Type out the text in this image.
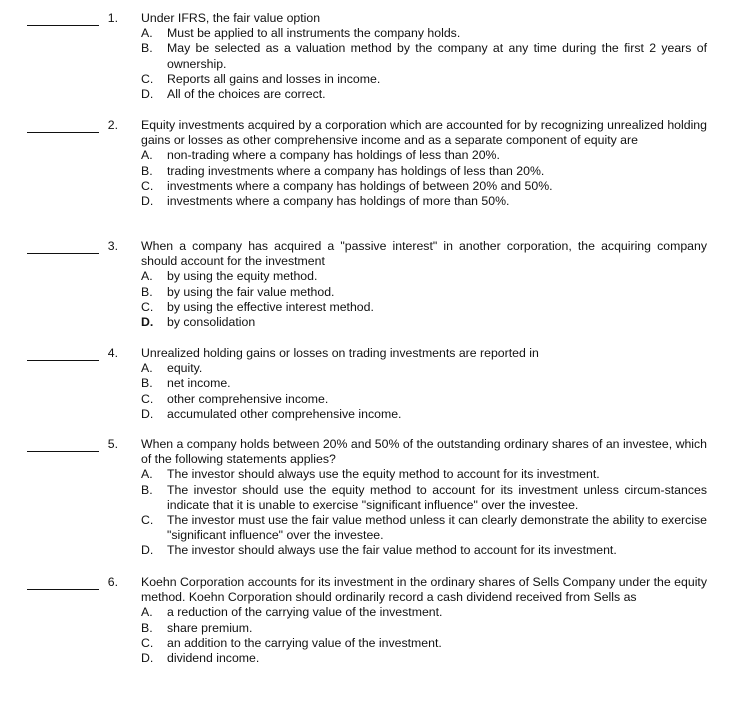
1. Under IFRS, the fair value option
A. Must be applied to all instruments the company holds.
B. May be selected as a valuation method by the company at any time during the first 2 years of ownership.
C. Reports all gains and losses in income.
D. All of the choices are correct.
2. Equity investments acquired by a corporation which are accounted for by recognizing unrealized holding gains or losses as other comprehensive income and as a separate component of equity are
A. non-trading where a company has holdings of less than 20%.
B. trading investments where a company has holdings of less than 20%.
C. investments where a company has holdings of between 20% and 50%.
D. investments where a company has holdings of more than 50%.
3. When a company has acquired a "passive interest" in another corporation, the acquiring company should account for the investment
A. by using the equity method.
B. by using the fair value method.
C. by using the effective interest method.
D. by consolidation
4. Unrealized holding gains or losses on trading investments are reported in
A. equity.
B. net income.
C. other comprehensive income.
D. accumulated other comprehensive income.
5. When a company holds between 20% and 50% of the outstanding ordinary shares of an investee, which of the following statements applies?
A. The investor should always use the equity method to account for its investment.
B. The investor should use the equity method to account for its investment unless circum-stances indicate that it is unable to exercise "significant influence" over the investee.
C. The investor must use the fair value method unless it can clearly demonstrate the ability to exercise "significant influence" over the investee.
D. The investor should always use the fair value method to account for its investment.
6. Koehn Corporation accounts for its investment in the ordinary shares of Sells Company under the equity method. Koehn Corporation should ordinarily record a cash dividend received from Sells as
A. a reduction of the carrying value of the investment.
B. share premium.
C. an addition to the carrying value of the investment.
D. dividend income.
